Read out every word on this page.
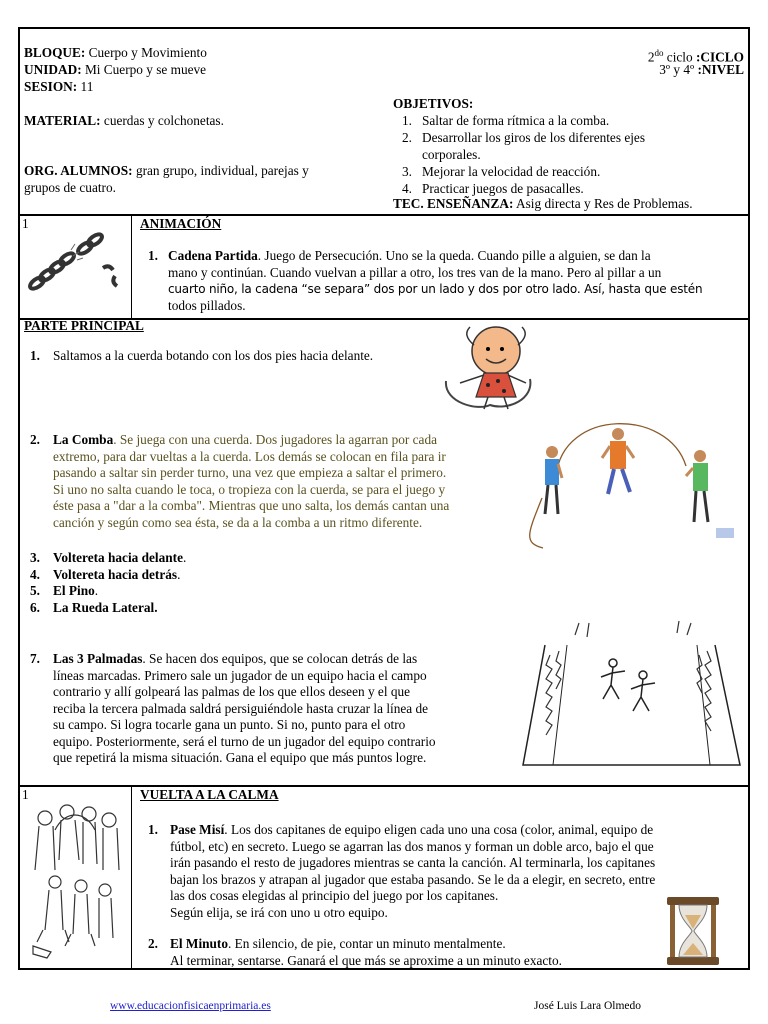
BLOQUE: Cuerpo y Movimiento
UNIDAD: Mi Cuerpo y se mueve
SESION: 11
$2^{do}$ ciclo :CICLO
3º y 4º :NIVEL
MATERIAL: cuerdas y colchonetas.
ORG. ALUMNOS: gran grupo, individual, parejas y
grupos de cuatro.
OBJETIVOS:
1. Saltar de forma rítmica a la comba.
2. Desarrollar los giros de los diferentes ejes
corporales.
3. Mejorar la velocidad de reacción.
4. Practicar juegos de pasacalles.
TEC. ENSEÑANZA: Asig directa y Res de Problemas.
1	ANIMACIÓN
1. Cadena Partida. Juego de Persecución. Uno se la queda. Cuando pille a alguien, se dan la

mano y continúan. Cuando vuelvan a pillar a otro, los tres van de la mano. Pero al pillar a un

cuarto niño, la cadena “se separa” dos por un lado y dos por otro lado. Así, hasta que estén

todos pillados.

PARTE PRINCIPAL
1. Saltamos a la cuerda botando con los dos pies hacia delante.
2. La Comba. Se juega con una cuerda. Dos jugadores la agarran por cada

extremo, para dar vueltas a la cuerda. Los demás se colocan en fila para ir

pasando a saltar sin perder turno, una vez que empieza a saltar el primero.

Si uno no salta cuando le toca, o tropieza con la cuerda, se para el juego y

éste pasa a "dar a la comba". Mientras que uno salta, los demás cantan una

canción y según como sea ésta, se da a la comba a un ritmo diferente.

3. Voltereta hacia delante.
4. Voltereta hacia detrás.
5. El Pino.
6. La Rueda Lateral.
7. Las 3 Palmadas. Se hacen dos equipos, que se colocan detrás de las

líneas marcadas. Primero sale un jugador de un equipo hacia el campo

contrario y allí golpeará las palmas de los que ellos deseen y el que

reciba la tercera palmada saldrá persiguiéndole hasta cruzar la línea de

su campo. Si logra tocarle gana un punto. Si no, punto para el otro

equipo. Posteriormente, será el turno de un jugador del equipo contrario

que repetirá la misma situación. Gana el equipo que más puntos logre.

1	VUELTA A LA CALMA
1. Pase Misí. Los dos capitanes de equipo eligen cada uno una cosa (color, animal, equipo de

fútbol, etc) en secreto. Luego se agarran las dos manos y forman un doble arco, bajo el que

irán pasando el resto de jugadores mientras se canta la canción. Al terminarla, los capitanes

bajan los brazos y atrapan al jugador que estaba pasando. Se le da a elegir, en secreto, entre

las dos cosas elegidas al principio del juego por los capitanes.

Según elija, se irá con uno u otro equipo.

2. El Minuto. En silencio, de pie, contar un minuto mentalmente.

Al terminar, sentarse. Ganará el que más se aproxime a un minuto exacto.

www.educacionfisicaenprimaria.es	José Luis Lara Olmedo
